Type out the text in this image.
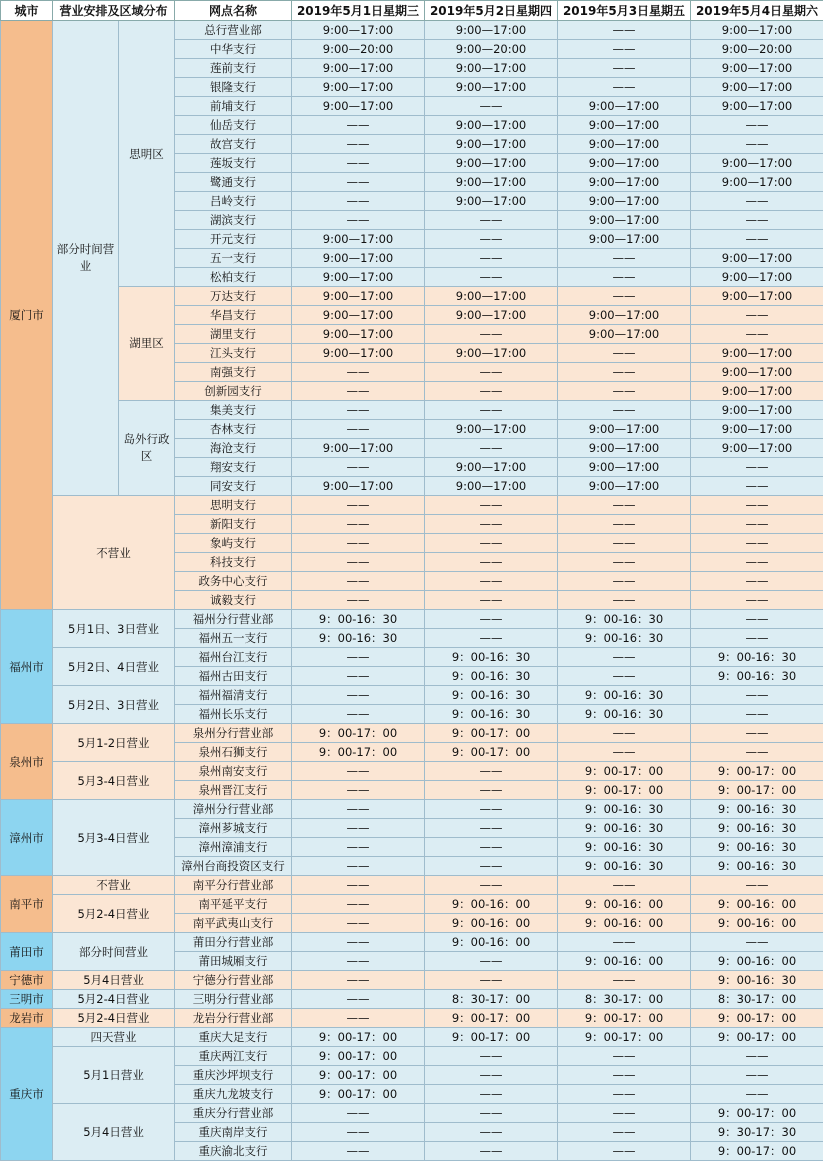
城市	营业安排及区域分布		网点名称	2019年5月1日星期三	2019年5月2日星期四	2019年5月3日星期五	2019年5月4日星期六
厦门市	部分时间营业	思明区	总行营业部	9:00—17:00	9:00—17:00	——	9:00—17:00
			中华支行	9:00—20:00	9:00—20:00	——	9:00—20:00
			莲前支行	9:00—17:00	9:00—17:00	——	9:00—17:00
			银隆支行	9:00—17:00	9:00—17:00	——	9:00—17:00
			前埔支行	9:00—17:00	——	9:00—17:00	9:00—17:00
			仙岳支行	——	9:00—17:00	9:00—17:00	——
			故宫支行	——	9:00—17:00	9:00—17:00	——
			莲坂支行	——	9:00—17:00	9:00—17:00	9:00—17:00
			鹭通支行	——	9:00—17:00	9:00—17:00	9:00—17:00
			吕岭支行	——	9:00—17:00	9:00—17:00	——
			湖滨支行	——	——	9:00—17:00	——
			开元支行	9:00—17:00	——	9:00—17:00	——
			五一支行	9:00—17:00	——	——	9:00—17:00
			松柏支行	9:00—17:00	——	——	9:00—17:00
		湖里区	万达支行	9:00—17:00	9:00—17:00	——	9:00—17:00
			华昌支行	9:00—17:00	9:00—17:00	9:00—17:00	——
			湖里支行	9:00—17:00	——	9:00—17:00	——
			江头支行	9:00—17:00	9:00—17:00	——	9:00—17:00
			南强支行	——	——	——	9:00—17:00
			创新园支行	——	——	——	9:00—17:00
		岛外行政区	集美支行	——	——	——	9:00—17:00
			杏林支行	——	9:00—17:00	9:00—17:00	9:00—17:00
			海沧支行	9:00—17:00	——	9:00—17:00	9:00—17:00
			翔安支行	——	9:00—17:00	9:00—17:00	——
			同安支行	9:00—17:00	9:00—17:00	9:00—17:00	——
	不营业		思明支行	——	——	——	——
			新阳支行	——	——	——	——
			象屿支行	——	——	——	——
			科技支行	——	——	——	——
			政务中心支行	——	——	——	——
			诚毅支行	——	——	——	——
福州市	5月1日、3日营业		福州分行营业部	9：00-16：30	——	9：00-16：30	——
			福州五一支行	9：00-16：30	——	9：00-16：30	——
	5月2日、4日营业		福州台江支行	——	9：00-16：30	——	9：00-16：30
			福州古田支行	——	9：00-16：30	——	9：00-16：30
	5月2日、3日营业		福州福清支行	——	9：00-16：30	9：00-16：30	——
			福州长乐支行	——	9：00-16：30	9：00-16：30	——
泉州市	5月1-2日营业		泉州分行营业部	9：00-17：00	9：00-17：00	——	——
			泉州石狮支行	9：00-17：00	9：00-17：00	——	——
	5月3-4日营业		泉州南安支行	——	——	9：00-17：00	9：00-17：00
			泉州晋江支行	——	——	9：00-17：00	9：00-17：00
漳州市	5月3-4日营业		漳州分行营业部	——	——	9：00-16：30	9：00-16：30
			漳州芗城支行	——	——	9：00-16：30	9：00-16：30
			漳州漳浦支行	——	——	9：00-16：30	9：00-16：30
			漳州台商投资区支行	——	——	9：00-16：30	9：00-16：30
南平市	不营业		南平分行营业部	——	——	——	——
	5月2-4日营业		南平延平支行	——	9：00-16：00	9：00-16：00	9：00-16：00
			南平武夷山支行	——	9：00-16：00	9：00-16：00	9：00-16：00
莆田市	部分时间营业		莆田分行营业部	——	9：00-16：00	——	——
			莆田城厢支行	——	——	9：00-16：00	9：00-16：00
宁德市	5月4日营业		宁德分行营业部	——	——	——	9：00-16：30
三明市	5月2-4日营业		三明分行营业部	——	8：30-17：00	8：30-17：00	8：30-17：00
龙岩市	5月2-4日营业		龙岩分行营业部	——	9：00-17：00	9：00-17：00	9：00-17：00
重庆市	四天营业		重庆大足支行	9：00-17：00	9：00-17：00	9：00-17：00	9：00-17：00
	5月1日营业		重庆两江支行	9：00-17：00	——	——	——
			重庆沙坪坝支行	9：00-17：00	——	——	——
			重庆九龙坡支行	9：00-17：00	——	——	——
	5月4日营业		重庆分行营业部	——	——	——	9：00-17：00
			重庆南岸支行	——	——	——	9：30-17：30
			重庆渝北支行	——	——	——	9：00-17：00
